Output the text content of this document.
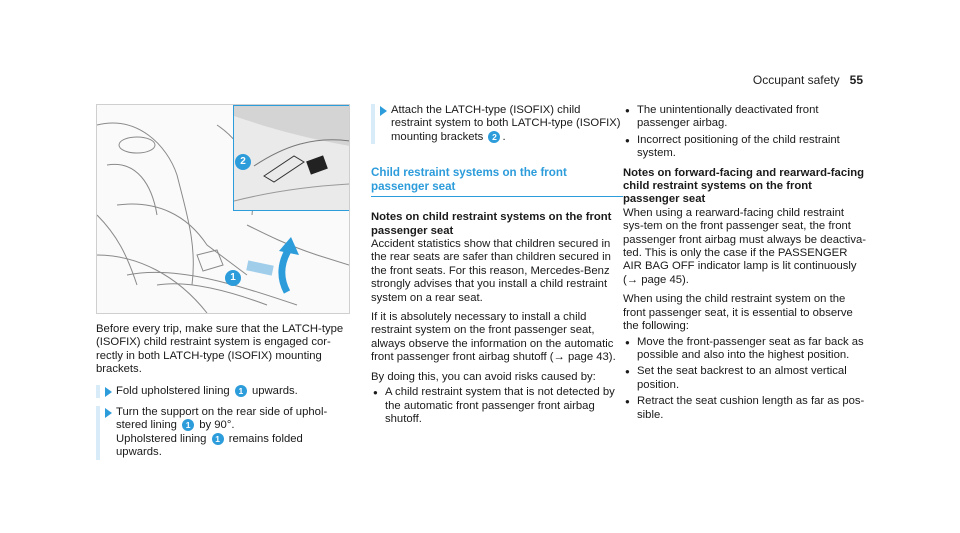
Occupant safety 55
2
1

Before every trip, make sure that the LATCH-type (ISOFIX) child restraint system is engaged cor-rectly in both LATCH-type (ISOFIX) mounting brackets.

Fold upholstered lining 1 upwards.
Turn the support on the rear side of uphol-stered lining 1 by 90°.
Upholstered lining 1 remains folded upwards.
Attach the LATCH-type (ISOFIX) child restraint system to both LATCH-type (ISOFIX) mounting brackets 2 .
Child restraint systems on the front passenger seat
Notes on child restraint systems on the front passenger seat

Accident statistics show that children secured in the rear seats are safer than children secured in the front seats. For this reason, Mercedes-Benz strongly advises that you install a child restraint system on a rear seat.

If it is absolutely necessary to install a child restraint system on the front passenger seat, always observe the information on the automatic front passenger front airbag shutoff (→ page 43).

By doing this, you can avoid risks caused by:

● A child restraint system that is not detected by the automatic front passenger front airbag shutoff.
● The unintentionally deactivated front passenger airbag.
● Incorrect positioning of the child restraint system.
Notes on forward-facing and rearward-facing child restraint systems on the front passenger seat

When using a rearward-facing child restraint sys-tem on the front passenger seat, the front passenger front airbag must always be deactiva-ted. This is only the case if the PASSENGER AIR BAG OFF indicator lamp is lit continuously (→ page 45).

When using the child restraint system on the front passenger seat, it is essential to observe the following:

● Move the front-passenger seat as far back as possible and also into the highest position.
● Set the seat backrest to an almost vertical position.
● Retract the seat cushion length as far as pos-sible.
